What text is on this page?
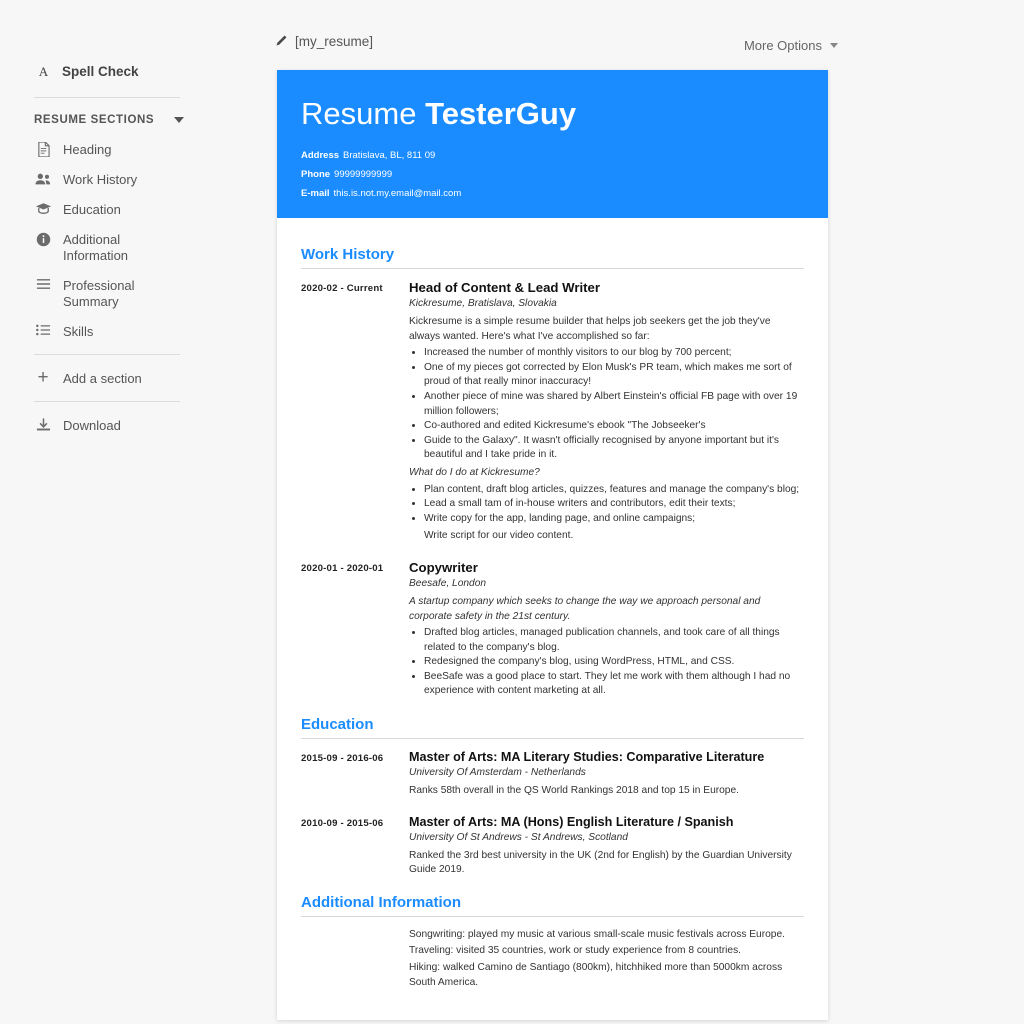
A Spell Check
RESUME SECTIONS
Heading
Work History
Education
Additional
Information
Professional
Summary
Skills
+ Add a section
Download
[my_resume]	More Options
Resume TesterGuy
Address Bratislava, BL, 811 09
Phone 99999999999
E-mail this.is.not.my.email@mail.com
Work History
2020-02 - Current	Head of Content & Lead Writer
Kickresume, Bratislava, Slovakia
Kickresume is a simple resume builder that helps job seekers get the job they've always wanted. Here's what I've accomplished so far:
• Increased the number of monthly visitors to our blog by 700 percent;
• One of my pieces got corrected by Elon Musk's PR team, which makes me sort of proud of that really minor inaccuracy!
• Another piece of mine was shared by Albert Einstein's official FB page with over 19 million followers;
• Co-authored and edited Kickresume's ebook "The Jobseeker's
• Guide to the Galaxy". It wasn't officially recognised by anyone important but it's beautiful and I take pride in it.
What do I do at Kickresume?
• Plan content, draft blog articles, quizzes, features and manage the company's blog;
• Lead a small tam of in-house writers and contributors, edit their texts;
• Write copy for the app, landing page, and online campaigns;
Write script for our video content.
2020-01 - 2020-01	Copywriter
Beesafe, London
A startup company which seeks to change the way we approach personal and corporate safety in the 21st century.
• Drafted blog articles, managed publication channels, and took care of all things related to the company's blog.
• Redesigned the company's blog, using WordPress, HTML, and CSS.
• BeeSafe was a good place to start. They let me work with them although I had no experience with content marketing at all.
Education
2015-09 - 2016-06	Master of Arts: MA Literary Studies: Comparative Literature
University Of Amsterdam - Netherlands
Ranks 58th overall in the QS World Rankings 2018 and top 15 in Europe.
2010-09 - 2015-06	Master of Arts: MA (Hons) English Literature / Spanish
University Of St Andrews - St Andrews, Scotland
Ranked the 3rd best university in the UK (2nd for English) by the Guardian University Guide 2019.
Additional Information
Songwriting: played my music at various small-scale music festivals across Europe.
Traveling: visited 35 countries, work or study experience from 8 countries.
Hiking: walked Camino de Santiago (800km), hitchhiked more than 5000km across South America.
